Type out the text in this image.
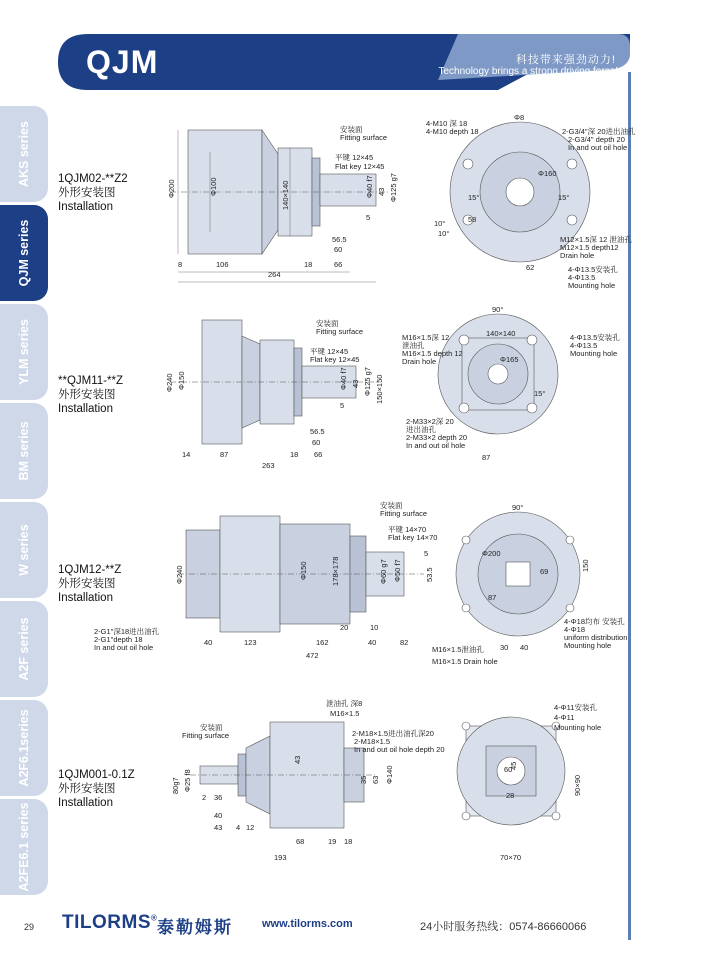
QJM	科技带来强劲动力!
Technology brings a strong driving force!
AKS series
QJM series
YLM series
BM series
W series
A2F series
A2F6.1series
A2FE6.1 series
1QJM02-**Z2
外形安装图
Installation
**QJM11-**Z
外形安装图
Installation
1QJM12-**Z
外形安装图
Installation
1QJM001-0.1Z
外形安装图
Installation
安装面
Fitting surface
平键 12×45
Flat key 12×45
Φ200	Φ100	140×140	Φ40 f7 43 Φ125 g7
5
56.5
60
66
8	106	18
264
4-M10 深 18
4-M10 depth 18
Φ8
2-G3/4"深 20进出油孔
2-G3/4" depth 20
In and out oil hole
Φ160
15°	15°
58
10°
10°
M12×1.5深 12 泄油孔
M12×1.5 depth12
Drain hole
62	4-Φ13.5安装孔
4-Φ13.5
Mounting hole
安装面
Fitting surface
平键 12×45
Flat key 12×45
Φ240 Φ150	Φ40 f7 43 Φ125 g7
5
150×150
56.5
60
66
14	87	18
263
90°
140×140
M16×1.5深 12
泄油孔
M16×1.5 depth 12
Drain hole
4-Φ13.5安装孔
4-Φ13.5
Mounting hole
Φ165
15°
2-M33×2深 20
进出油孔
2-M33×2 depth 20
In and out oil hole
87
安装面
Fitting surface
平键 14×70
Flat key 14×70
Φ240	Φ150	178×178	Φ60 g7 Φ50 f7	53.5
5
20	10
40	123	162	40	82
472
2-G1"深18进出油孔
2-G1"depth 18
In and out oil hole
90°
Φ200
69	150
87
30 40
M16×1.5泄油孔
M16×1.5 Drain hole
4-Φ18均布 安装孔
4-Φ18
uniform distribution
Mounting hole
安装面
Fitting surface
泄油孔 深8
M16×1.5
2-M18×1.5进出油孔深20
2-M18×1.5
In and out oil hole depth 20
80g7 Φ25 f8
43
35 63 Φ140
2 36
40
43 4 12
68	19 18
193
4-Φ11安装孔
4-Φ11
Mounting hole
45
60
28	90×90
70×70
29 TILORMS® 泰勒姆斯	www.tilorms.com	24小时服务热线：0574-86660066
